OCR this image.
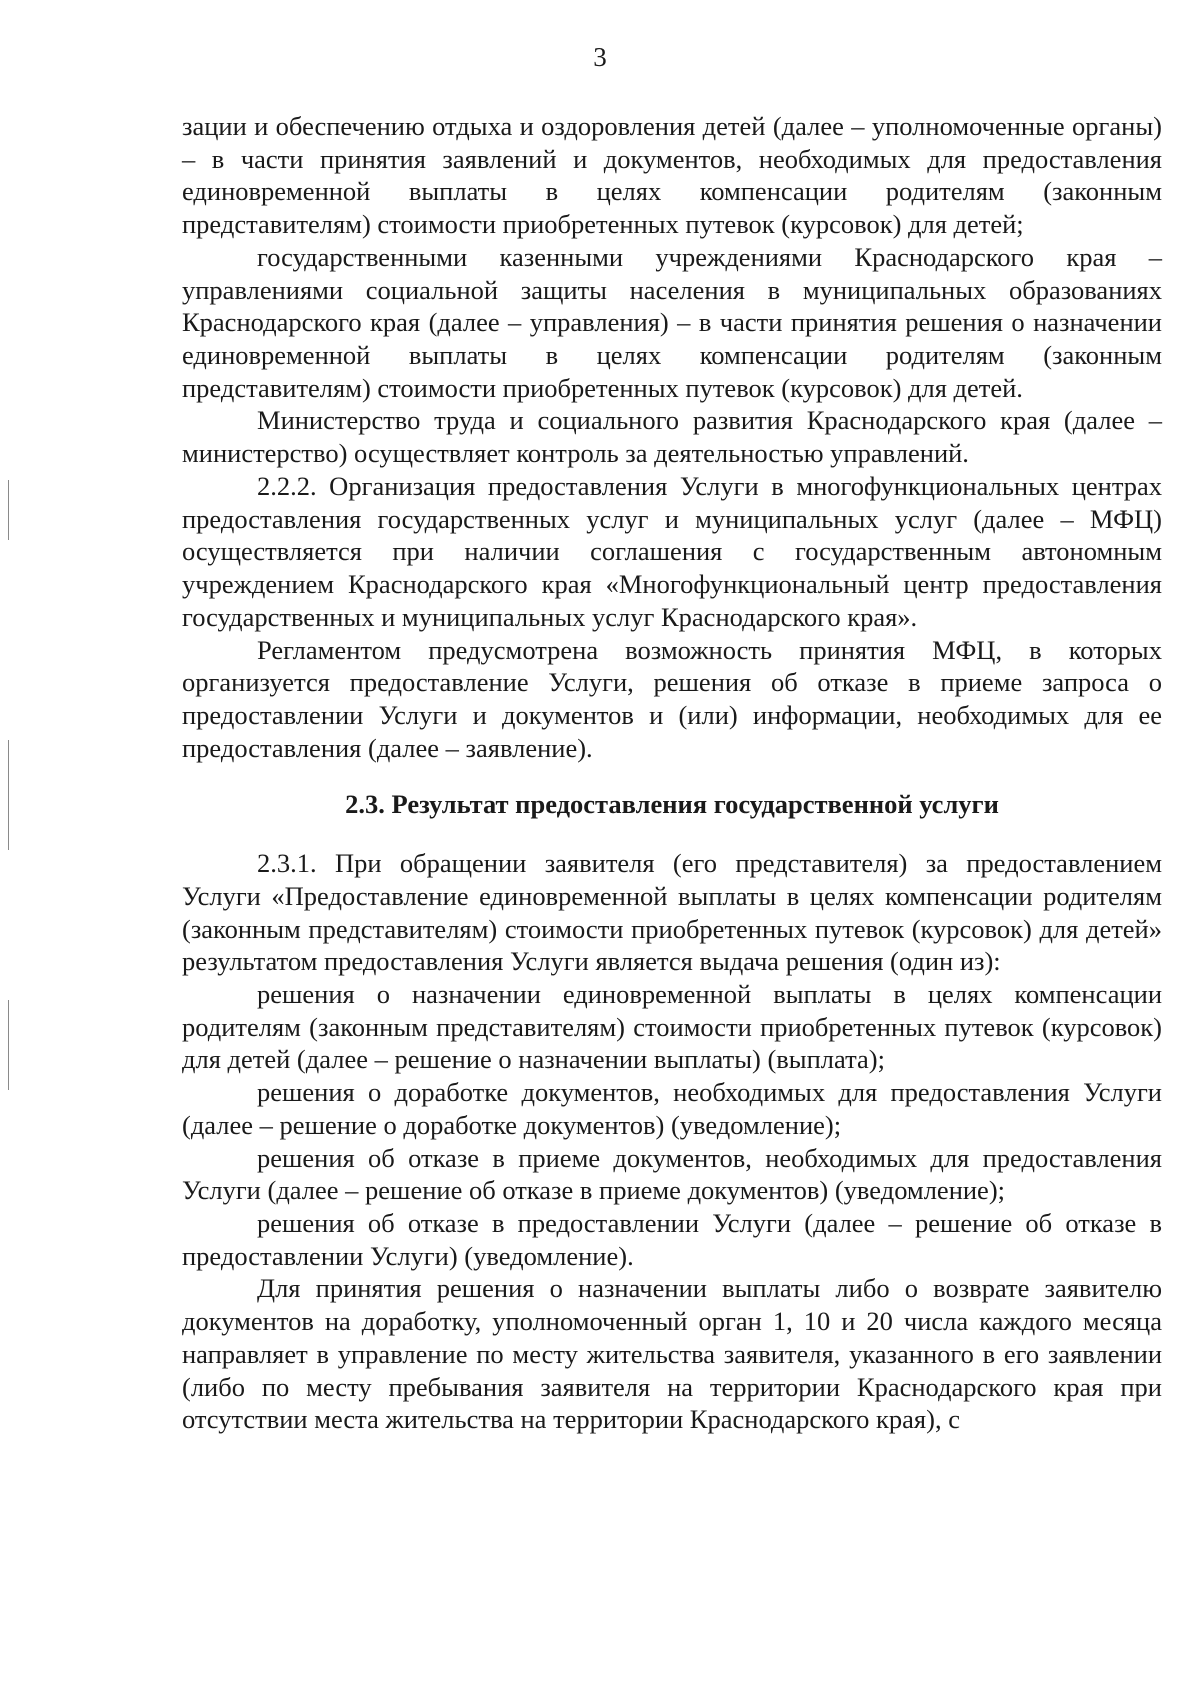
3

зации и обеспечению отдыха и оздоровления детей (далее – уполномоченные органы) – в части принятия заявлений и документов, необходимых для предоставления единовременной выплаты в целях компенсации родителям (законным представителям) стоимости приобретенных путевок (курсовок) для детей;

государственными казенными учреждениями Краснодарского края – управлениями социальной защиты населения в муниципальных образованиях Краснодарского края (далее – управления) – в части принятия решения о назначении единовременной выплаты в целях компенсации родителям (законным представителям) стоимости приобретенных путевок (курсовок) для детей.

Министерство труда и социального развития Краснодарского края (далее – министерство) осуществляет контроль за деятельностью управлений.

2.2.2. Организация предоставления Услуги в многофункциональных центрах предоставления государственных услуг и муниципальных услуг (далее – МФЦ) осуществляется при наличии соглашения с государственным автономным учреждением Краснодарского края «Многофункциональный центр предоставления государственных и муниципальных услуг Краснодарского края».

Регламентом предусмотрена возможность принятия МФЦ, в которых организуется предоставление Услуги, решения об отказе в приеме запроса о предоставлении Услуги и документов и (или) информации, необходимых для ее предоставления (далее – заявление).

2.3. Результат предоставления государственной услуги

2.3.1. При обращении заявителя (его представителя) за предоставлением Услуги «Предоставление единовременной выплаты в целях компенсации родителям (законным представителям) стоимости приобретенных путевок (курсовок) для детей» результатом предоставления Услуги является выдача решения (один из):

решения о назначении единовременной выплаты в целях компенсации родителям (законным представителям) стоимости приобретенных путевок (курсовок) для детей (далее – решение о назначении выплаты) (выплата);

решения о доработке документов, необходимых для предоставления Услуги (далее – решение о доработке документов) (уведомление);

решения об отказе в приеме документов, необходимых для предоставления Услуги (далее – решение об отказе в приеме документов) (уведомление);

решения об отказе в предоставлении Услуги (далее – решение об отказе в предоставлении Услуги) (уведомление).

Для принятия решения о назначении выплаты либо о возврате заявителю документов на доработку, уполномоченный орган 1, 10 и 20 числа каждого месяца направляет в управление по месту жительства заявителя, указанного в его заявлении (либо по месту пребывания заявителя на территории Краснодарского края при отсутствии места жительства на территории Краснодарского края), с
